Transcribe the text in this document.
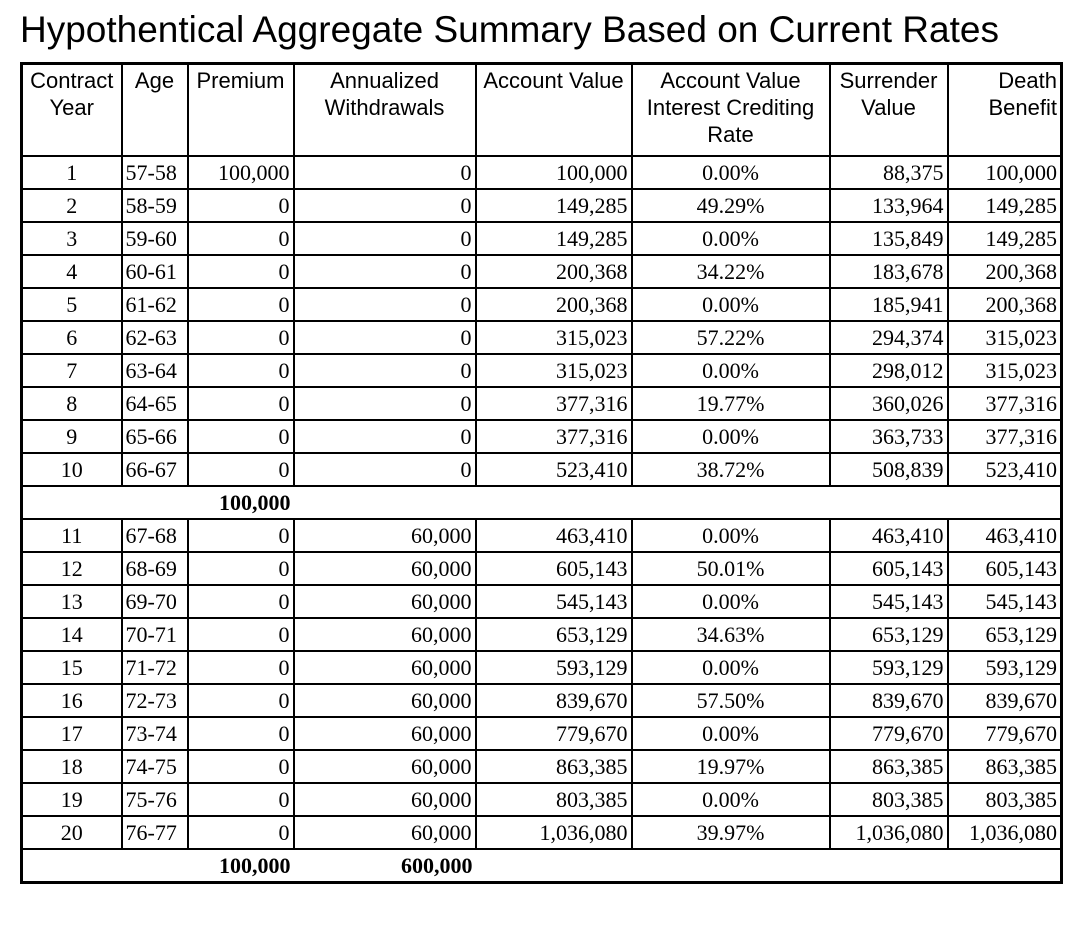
Hypothentical Aggregate Summary Based on Current Rates
Contract Year	Age	Premium	Annualized Withdrawals	Account Value	Account Value Interest Crediting Rate	Surrender Value	Death Benefit
1	57-58	100,000	0	100,000	0.00%	88,375	100,000
2	58-59	0	0	149,285	49.29%	133,964	149,285
3	59-60	0	0	149,285	0.00%	135,849	149,285
4	60-61	0	0	200,368	34.22%	183,678	200,368
5	61-62	0	0	200,368	0.00%	185,941	200,368
6	62-63	0	0	315,023	57.22%	294,374	315,023
7	63-64	0	0	315,023	0.00%	298,012	315,023
8	64-65	0	0	377,316	19.77%	360,026	377,316
9	65-66	0	0	377,316	0.00%	363,733	377,316
10	66-67	0	0	523,410	38.72%	508,839	523,410
		100,000					
11	67-68	0	60,000	463,410	0.00%	463,410	463,410
12	68-69	0	60,000	605,143	50.01%	605,143	605,143
13	69-70	0	60,000	545,143	0.00%	545,143	545,143
14	70-71	0	60,000	653,129	34.63%	653,129	653,129
15	71-72	0	60,000	593,129	0.00%	593,129	593,129
16	72-73	0	60,000	839,670	57.50%	839,670	839,670
17	73-74	0	60,000	779,670	0.00%	779,670	779,670
18	74-75	0	60,000	863,385	19.97%	863,385	863,385
19	75-76	0	60,000	803,385	0.00%	803,385	803,385
20	76-77	0	60,000	1,036,080	39.97%	1,036,080	1,036,080
		100,000	600,000				
